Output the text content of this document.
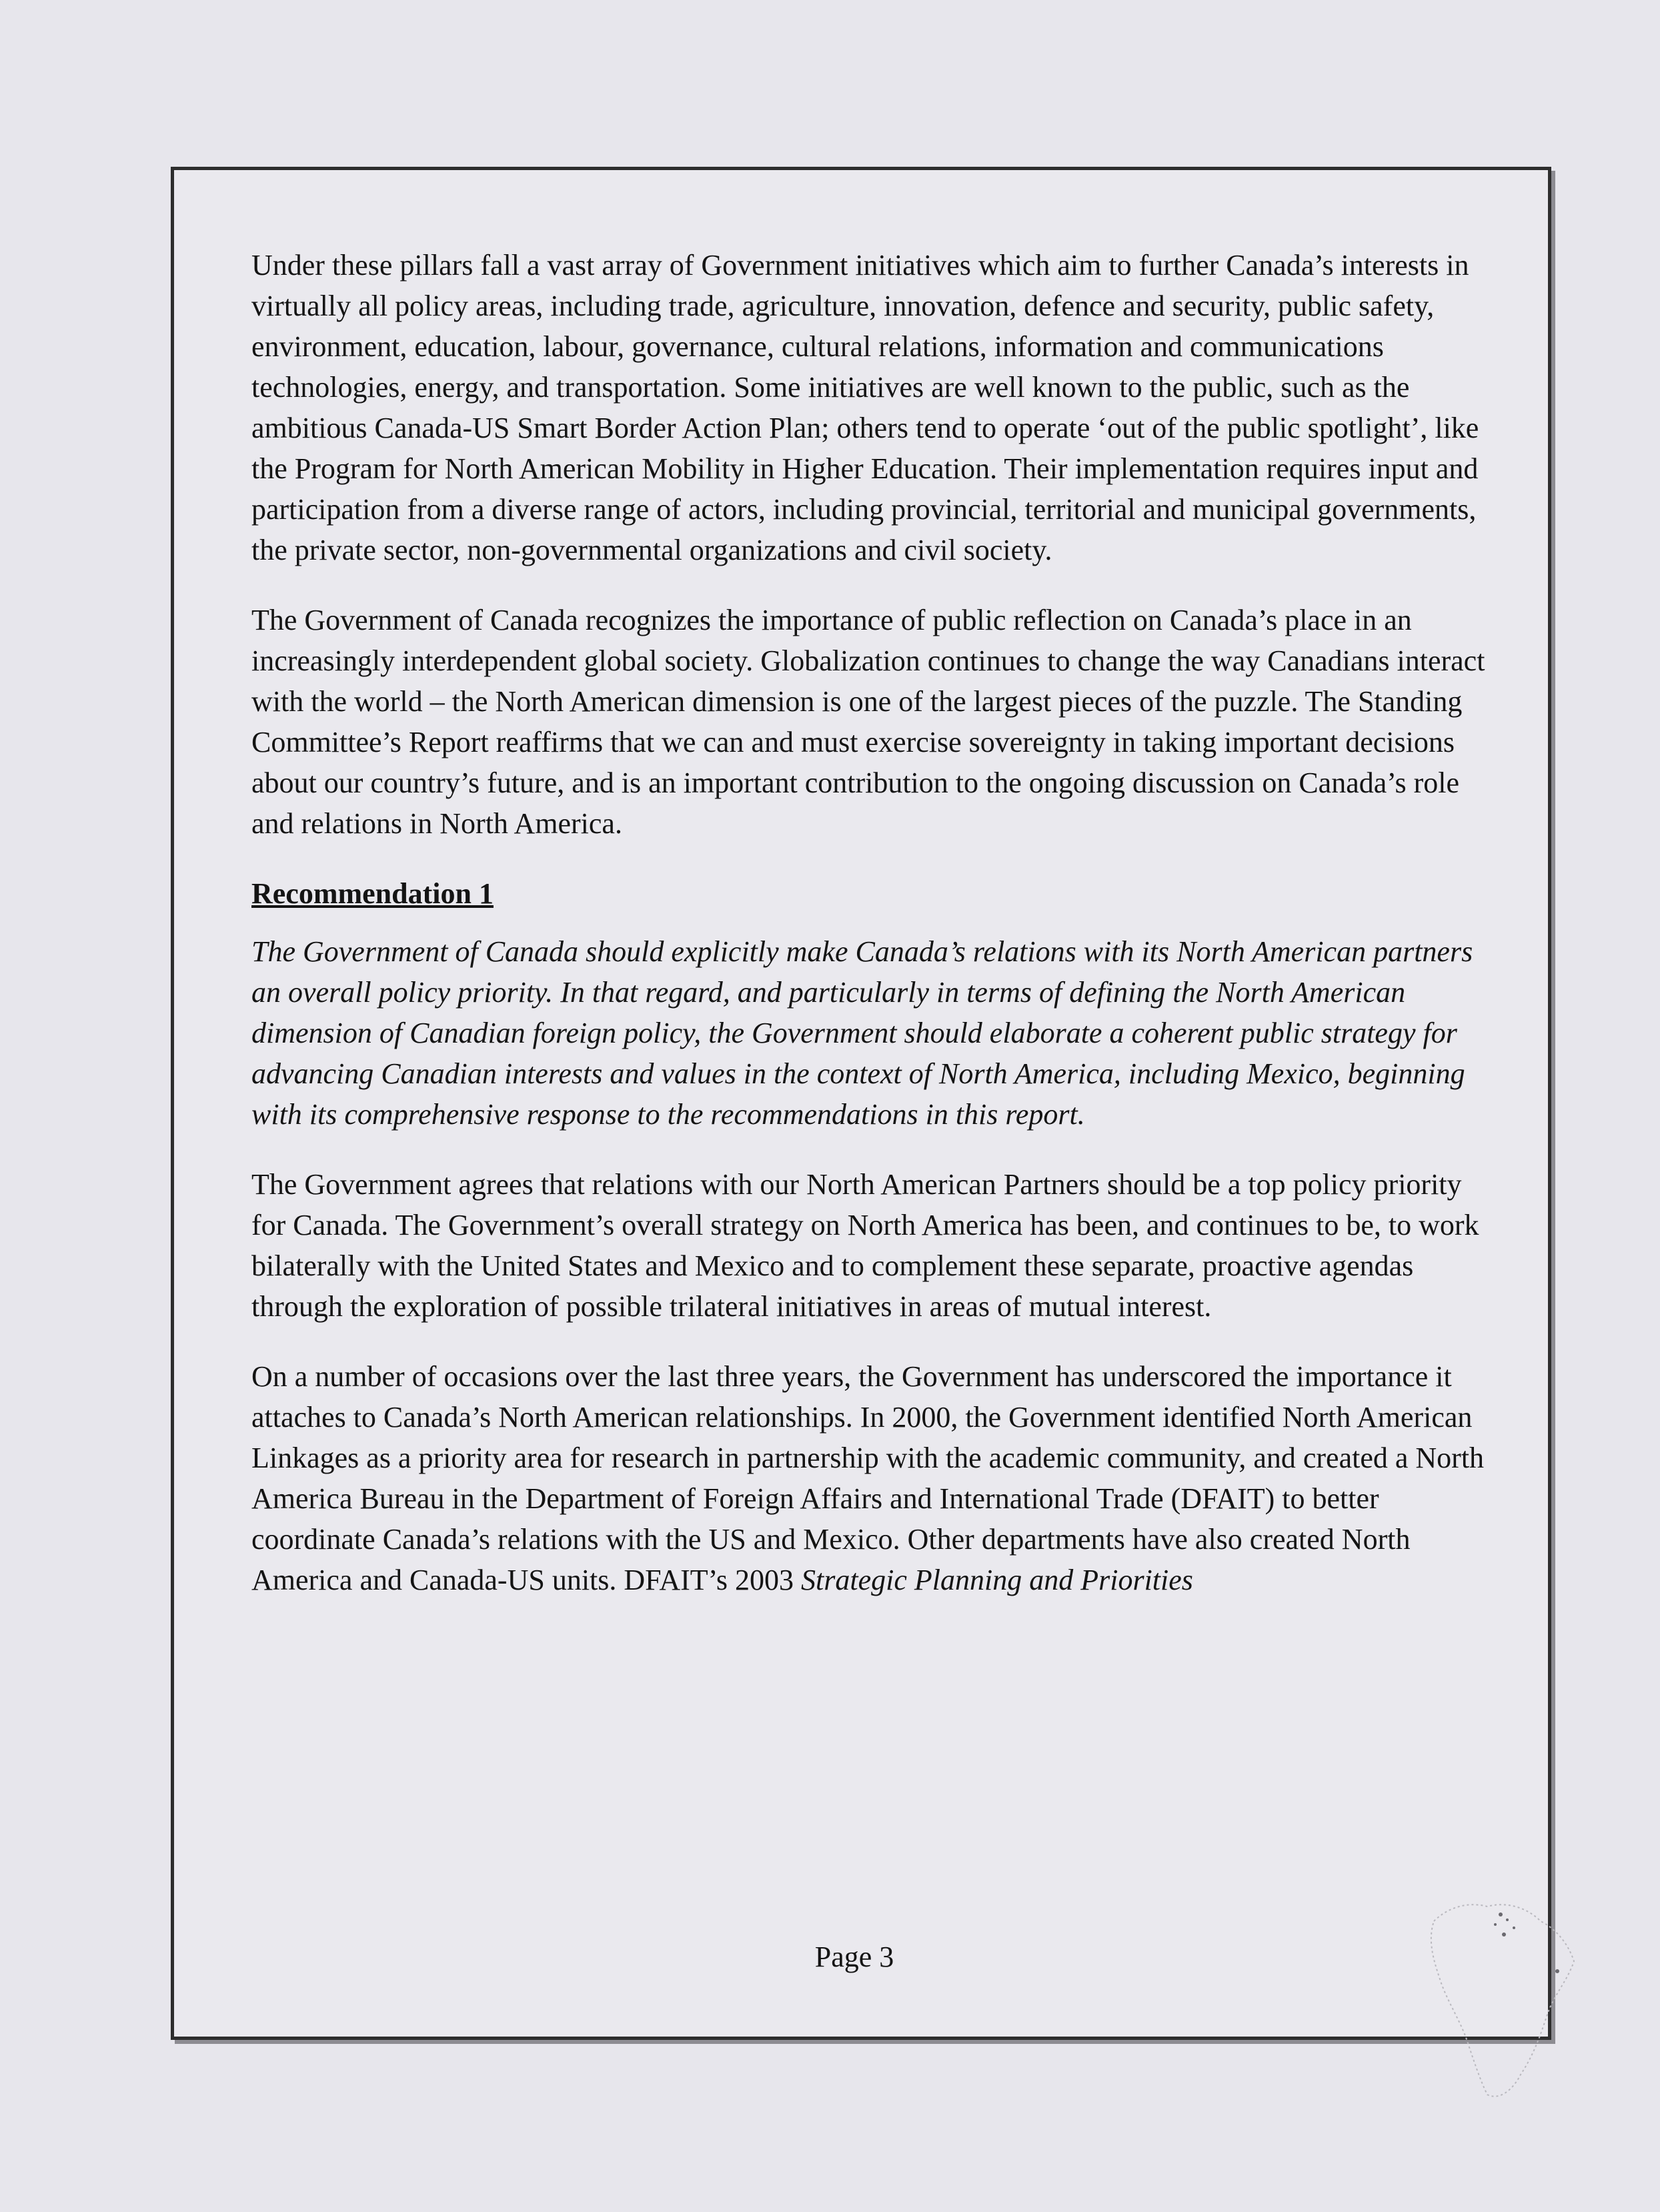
Under these pillars fall a vast array of Government initiatives which aim to further Canada’s interests in virtually all policy areas, including trade, agriculture, innovation, defence and security, public safety, environment, education, labour, governance, cultural relations, information and communications technologies, energy, and transportation. Some initiatives are well known to the public, such as the ambitious Canada-US Smart Border Action Plan; others tend to operate ‘out of the public spotlight’, like the Program for North American Mobility in Higher Education. Their implementation requires input and participation from a diverse range of actors, including provincial, territorial and municipal governments, the private sector, non-governmental organizations and civil society.

The Government of Canada recognizes the importance of public reflection on Canada’s place in an increasingly interdependent global society. Globalization continues to change the way Canadians interact with the world – the North American dimension is one of the largest pieces of the puzzle. The Standing Committee’s Report reaffirms that we can and must exercise sovereignty in taking important decisions about our country’s future, and is an important contribution to the ongoing discussion on Canada’s role and relations in North America.

Recommendation 1

The Government of Canada should explicitly make Canada’s relations with its North American partners an overall policy priority. In that regard, and particularly in terms of defining the North American dimension of Canadian foreign policy, the Government should elaborate a coherent public strategy for advancing Canadian interests and values in the context of North America, including Mexico, beginning with its comprehensive response to the recommendations in this report.

The Government agrees that relations with our North American Partners should be a top policy priority for Canada. The Government’s overall strategy on North America has been, and continues to be, to work bilaterally with the United States and Mexico and to complement these separate, proactive agendas through the exploration of possible trilateral initiatives in areas of mutual interest.

On a number of occasions over the last three years, the Government has underscored the importance it attaches to Canada’s North American relationships. In 2000, the Government identified North American Linkages as a priority area for research in partnership with the academic community, and created a North America Bureau in the Department of Foreign Affairs and International Trade (DFAIT) to better coordinate Canada’s relations with the US and Mexico. Other departments have also created North America and Canada-US units. DFAIT’s 2003 Strategic Planning and Priorities

Page 3
